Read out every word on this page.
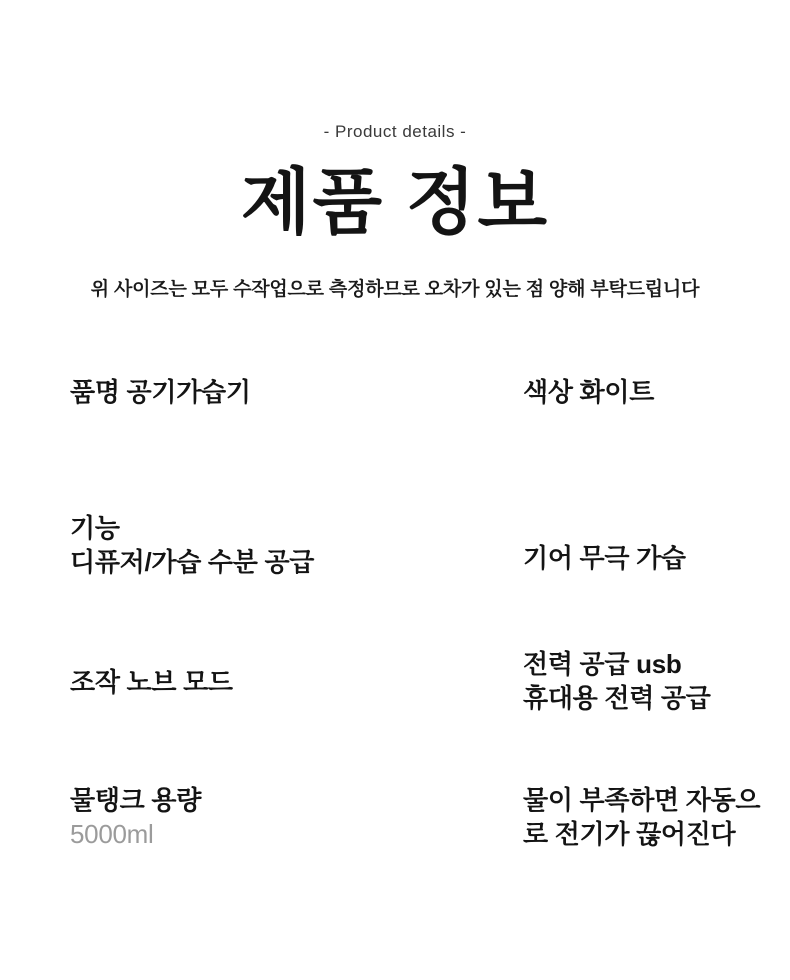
- Product details -
제품 정보
위 사이즈는 모두 수작업으로 측정하므로 오차가 있는 점 양해 부탁드립니다
품명 공기가습기	색상 화이트
기능
디퓨저/가습 수분 공급	기어 무극 가습
조작 노브 모드
전력 공급 usb
휴대용 전력 공급
물탱크 용량
5000ml
물이 부족하면 자동으
로 전기가 끊어진다
